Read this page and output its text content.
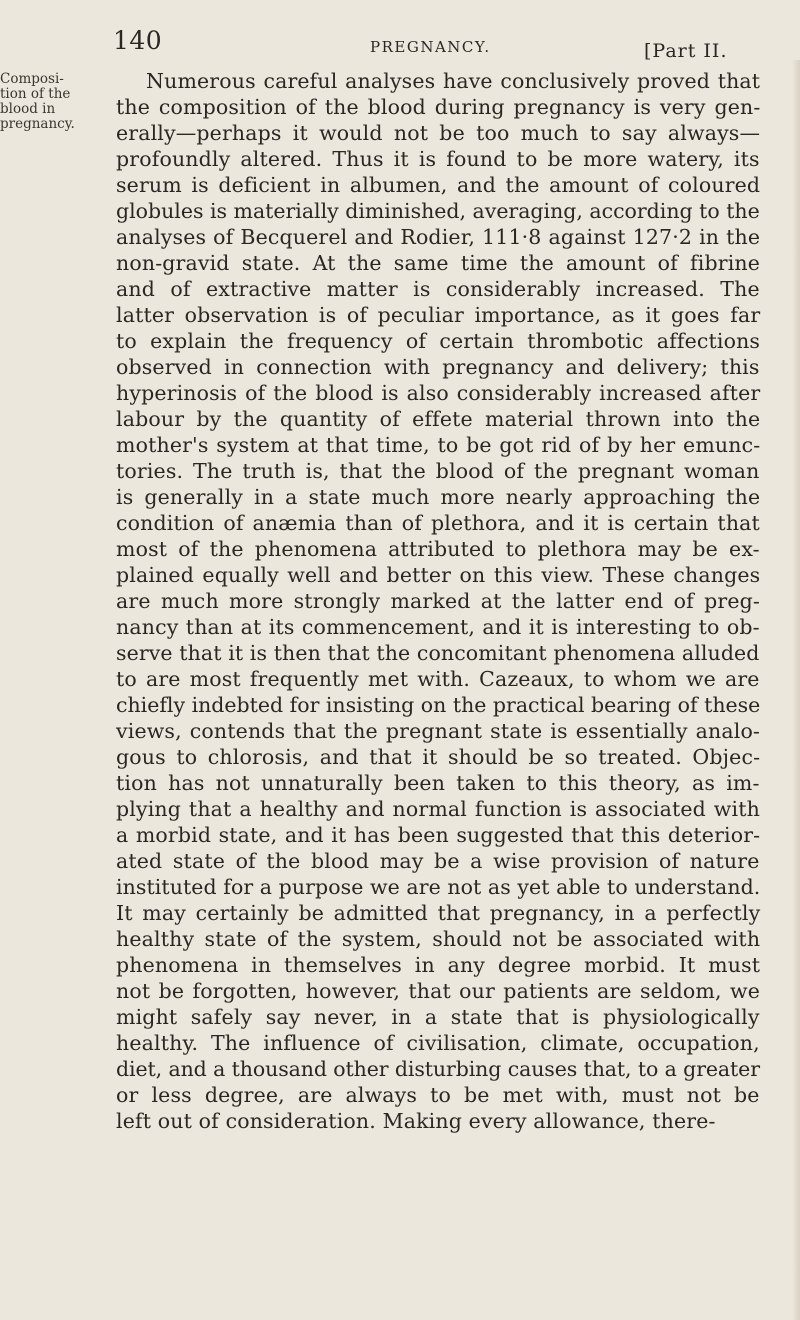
140	PREGNANCY.	[Part II.
Composi-
tion of the
blood in
pregnancy.
Numerous careful analyses have conclusively proved that
the composition of the blood during pregnancy is very gen-
erally—perhaps it would not be too much to say always—
profoundly altered. Thus it is found to be more watery, its
serum is deficient in albumen, and the amount of coloured
globules is materially diminished, averaging, according to the
analyses of Becquerel and Rodier, 111·8 against 127·2 in the
non-gravid state. At the same time the amount of fibrine
and of extractive matter is considerably increased. The
latter observation is of peculiar importance, as it goes far
to explain the frequency of certain thrombotic affections
observed in connection with pregnancy and delivery; this
hyperinosis of the blood is also considerably increased after
labour by the quantity of effete material thrown into the
mother's system at that time, to be got rid of by her emunc-
tories. The truth is, that the blood of the pregnant woman
is generally in a state much more nearly approaching the
condition of anæmia than of plethora, and it is certain that
most of the phenomena attributed to plethora may be ex-
plained equally well and better on this view. These changes
are much more strongly marked at the latter end of preg-
nancy than at its commencement, and it is interesting to ob-
serve that it is then that the concomitant phenomena alluded
to are most frequently met with. Cazeaux, to whom we are
chiefly indebted for insisting on the practical bearing of these
views, contends that the pregnant state is essentially analo-
gous to chlorosis, and that it should be so treated. Objec-
tion has not unnaturally been taken to this theory, as im-
plying that a healthy and normal function is associated with
a morbid state, and it has been suggested that this deterior-
ated state of the blood may be a wise provision of nature
instituted for a purpose we are not as yet able to understand.
It may certainly be admitted that pregnancy, in a perfectly
healthy state of the system, should not be associated with
phenomena in themselves in any degree morbid. It must
not be forgotten, however, that our patients are seldom, we
might safely say never, in a state that is physiologically
healthy. The influence of civilisation, climate, occupation,
diet, and a thousand other disturbing causes that, to a greater
or less degree, are always to be met with, must not be
left out of consideration. Making every allowance, there-
